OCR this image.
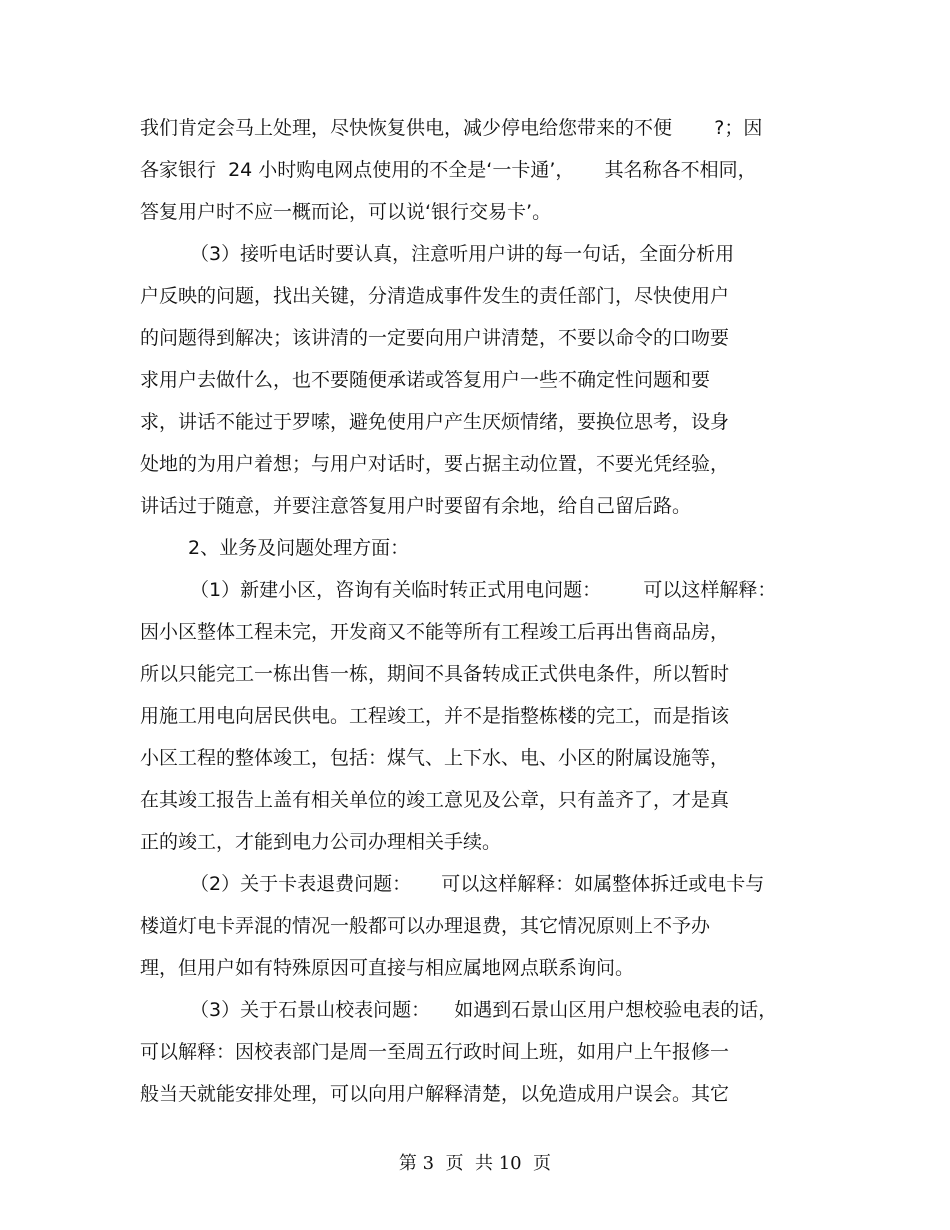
我们肯定会马上处理，尽快恢复供电，减少停电给您带来的不便       ?；因
各家银行  24 小时购电网点使用的不全是‘一卡通’，     其名称各不相同，
答复用户时不应一概而论，可以说‘银行交易卡’。
（3）接听电话时要认真，注意听用户讲的每一句话，全面分析用
户反映的问题，找出关键，分清造成事件发生的责任部门，尽快使用户
的问题得到解决；该讲清的一定要向用户讲清楚，不要以命令的口吻要
求用户去做什么，也不要随便承诺或答复用户一些不确定性问题和要
求，讲话不能过于罗嗦，避免使用户产生厌烦情绪，要换位思考，设身
处地的为用户着想；与用户对话时，要占据主动位置，不要光凭经验，
讲话过于随意，并要注意答复用户时要留有余地，给自己留后路。
2、业务及问题处理方面：
（1）新建小区，咨询有关临时转正式用电问题：       可以这样解释：
因小区整体工程未完，开发商又不能等所有工程竣工后再出售商品房，
所以只能完工一栋出售一栋，期间不具备转成正式供电条件，所以暂时
用施工用电向居民供电。工程竣工，并不是指整栋楼的完工，而是指该
小区工程的整体竣工，包括：煤气、上下水、电、小区的附属设施等，
在其竣工报告上盖有相关单位的竣工意见及公章，只有盖齐了，才是真
正的竣工，才能到电力公司办理相关手续。
（2）关于卡表退费问题：     可以这样解释：如属整体拆迁或电卡与
楼道灯电卡弄混的情况一般都可以办理退费，其它情况原则上不予办
理，但用户如有特殊原因可直接与相应属地网点联系询问。
（3）关于石景山校表问题：    如遇到石景山区用户想校验电表的话，
可以解释：因校表部门是周一至周五行政时间上班，如用户上午报修一
般当天就能安排处理，可以向用户解释清楚，以免造成用户误会。其它
第 3  页  共 10  页
